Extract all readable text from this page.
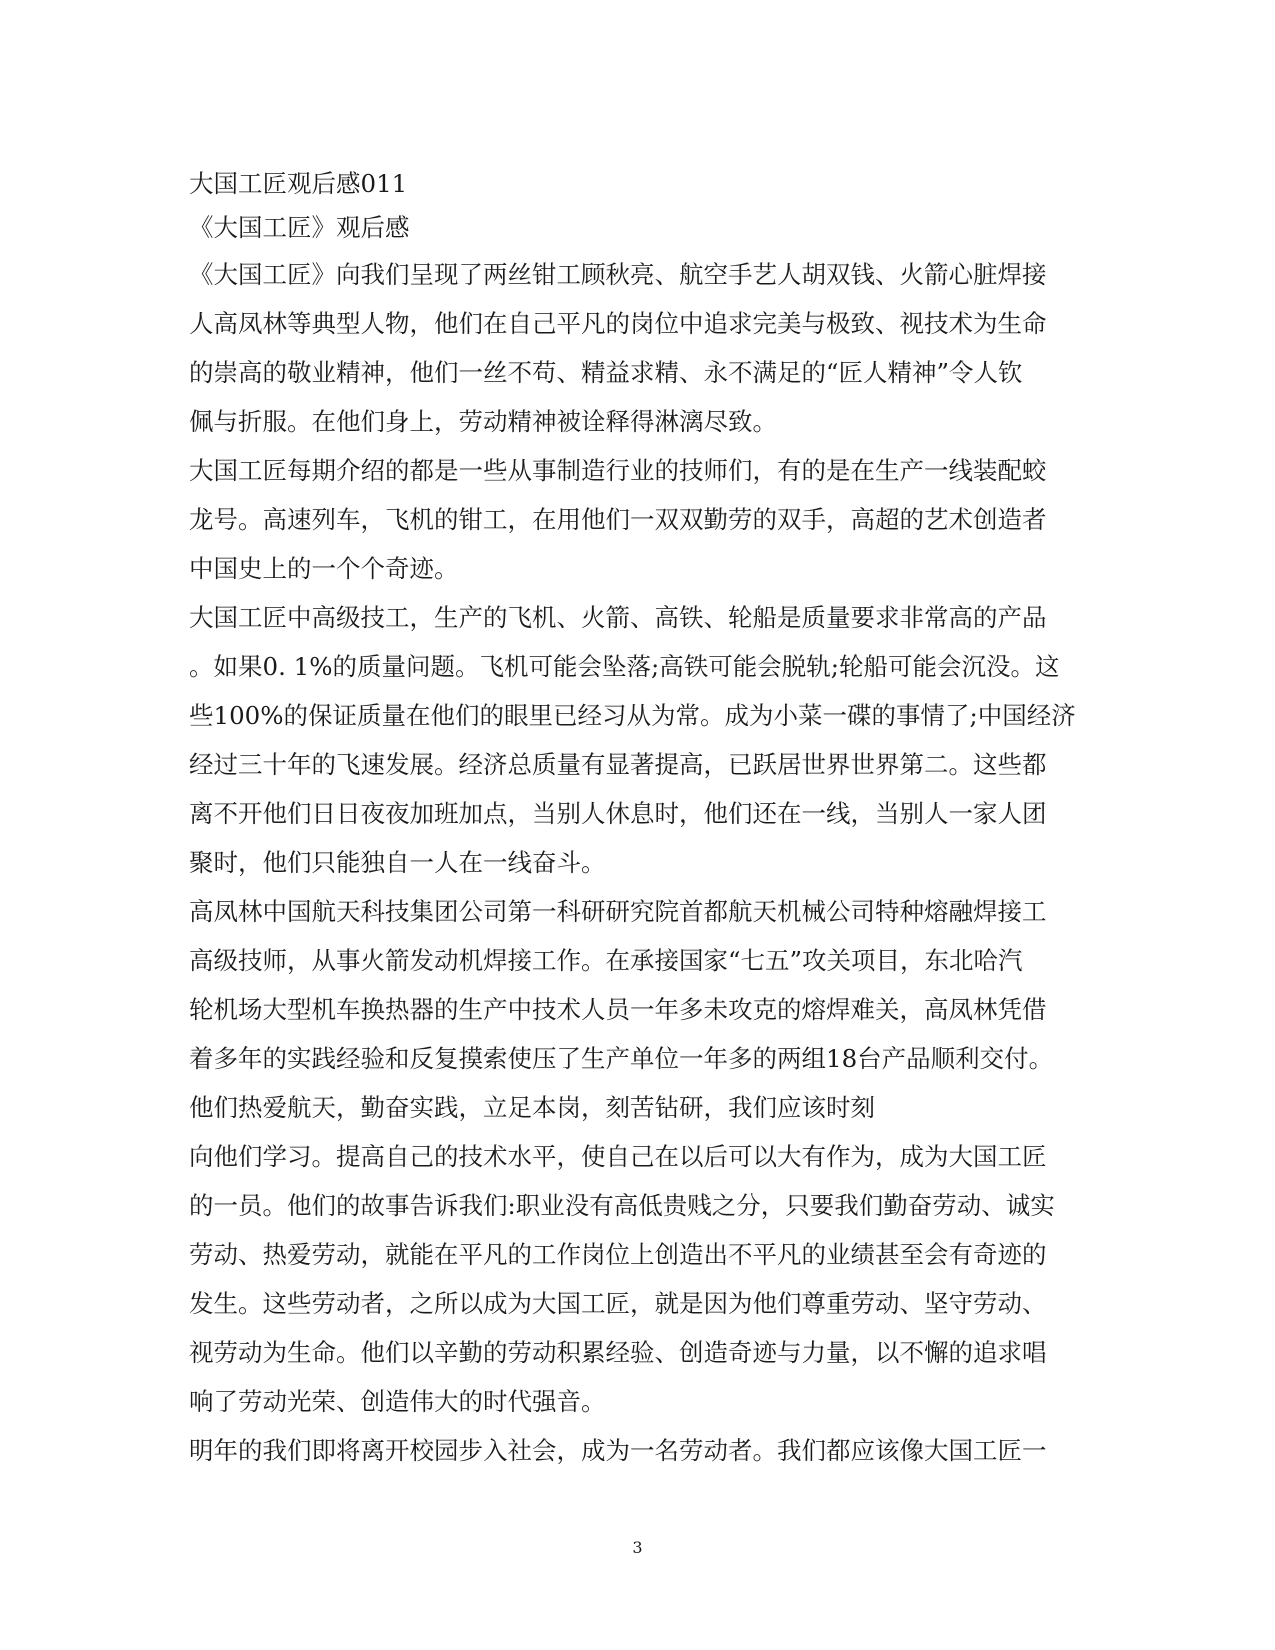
大国工匠观后感011
《大国工匠》观后感
《大国工匠》向我们呈现了两丝钳工顾秋亮、航空手艺人胡双钱、火箭心脏焊接
人高凤林等典型人物，他们在自己平凡的岗位中追求完美与极致、视技术为生命
的崇高的敬业精神，他们一丝不苟、精益求精、永不满足的“匠人精神”令人钦
佩与折服。在他们身上，劳动精神被诠释得淋漓尽致。
大国工匠每期介绍的都是一些从事制造行业的技师们，有的是在生产一线装配蛟
龙号。高速列车，飞机的钳工，在用他们一双双勤劳的双手，高超的艺术创造者
中国史上的一个个奇迹。
大国工匠中高级技工，生产的飞机、火箭、高铁、轮船是质量要求非常高的产品
。如果0. 1%的质量问题。飞机可能会坠落;高铁可能会脱轨;轮船可能会沉没。这
些100%的保证质量在他们的眼里已经习从为常。成为小菜一碟的事情了;中国经济
经过三十年的飞速发展。经济总质量有显著提高，已跃居世界世界第二。这些都
离不开他们日日夜夜加班加点，当别人休息时，他们还在一线，当别人一家人团
聚时，他们只能独自一人在一线奋斗。
高凤林中国航天科技集团公司第一科研研究院首都航天机械公司特种熔融焊接工
高级技师，从事火箭发动机焊接工作。在承接国家“七五”攻关项目，东北哈汽
轮机场大型机车换热器的生产中技术人员一年多未攻克的熔焊难关，高凤林凭借
着多年的实践经验和反复摸索使压了生产单位一年多的两组18台产品顺利交付。
他们热爱航天，勤奋实践，立足本岗，刻苦钻研，我们应该时刻
向他们学习。提高自己的技术水平，使自己在以后可以大有作为，成为大国工匠
的一员。他们的故事告诉我们:职业没有高低贵贱之分，只要我们勤奋劳动、诚实
劳动、热爱劳动，就能在平凡的工作岗位上创造出不平凡的业绩甚至会有奇迹的
发生。这些劳动者，之所以成为大国工匠，就是因为他们尊重劳动、坚守劳动、
视劳动为生命。他们以辛勤的劳动积累经验、创造奇迹与力量，以不懈的追求唱
响了劳动光荣、创造伟大的时代强音。
明年的我们即将离开校园步入社会，成为一名劳动者。我们都应该像大国工匠一
3
